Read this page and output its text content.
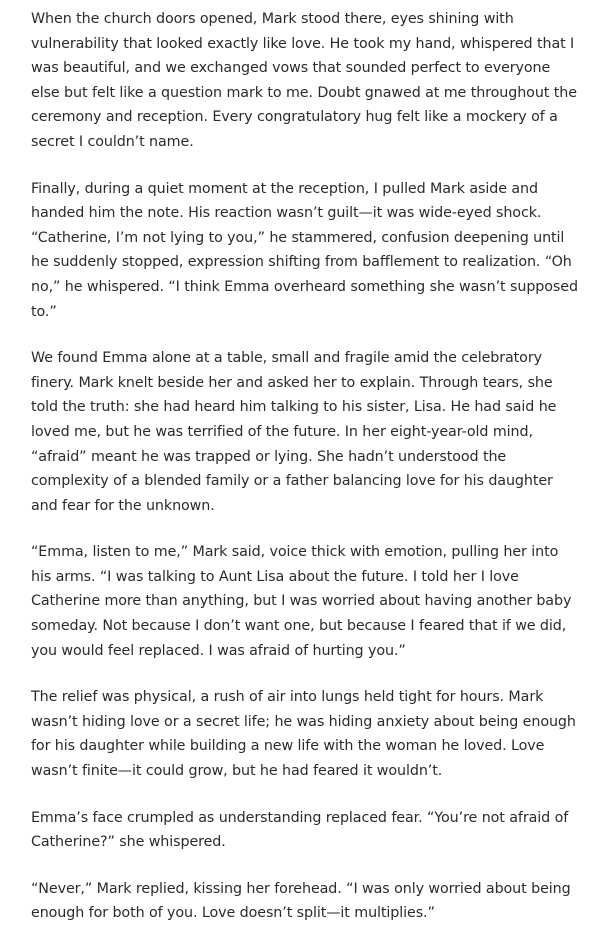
When the church doors opened, Mark stood there, eyes shining with vulnerability that looked exactly like love. He took my hand, whispered that I was beautiful, and we exchanged vows that sounded perfect to everyone else but felt like a question mark to me. Doubt gnawed at me throughout the ceremony and reception. Every congratulatory hug felt like a mockery of a secret I couldn’t name.

Finally, during a quiet moment at the reception, I pulled Mark aside and handed him the note. His reaction wasn’t guilt—it was wide-eyed shock. “Catherine, I’m not lying to you,” he stammered, confusion deepening until he suddenly stopped, expression shifting from bafflement to realization. “Oh no,” he whispered. “I think Emma overheard something she wasn’t supposed to.”

We found Emma alone at a table, small and fragile amid the celebratory finery. Mark knelt beside her and asked her to explain. Through tears, she told the truth: she had heard him talking to his sister, Lisa. He had said he loved me, but he was terrified of the future. In her eight-year-old mind, “afraid” meant he was trapped or lying. She hadn’t understood the complexity of a blended family or a father balancing love for his daughter and fear for the unknown.

“Emma, listen to me,” Mark said, voice thick with emotion, pulling her into his arms. “I was talking to Aunt Lisa about the future. I told her I love Catherine more than anything, but I was worried about having another baby someday. Not because I don’t want one, but because I feared that if we did, you would feel replaced. I was afraid of hurting you.”

The relief was physical, a rush of air into lungs held tight for hours. Mark wasn’t hiding love or a secret life; he was hiding anxiety about being enough for his daughter while building a new life with the woman he loved. Love wasn’t finite—it could grow, but he had feared it wouldn’t.

Emma’s face crumpled as understanding replaced fear. “You’re not afraid of Catherine?” she whispered.

“Never,” Mark replied, kissing her forehead. “I was only worried about being enough for both of you. Love doesn’t split—it multiplies.”
